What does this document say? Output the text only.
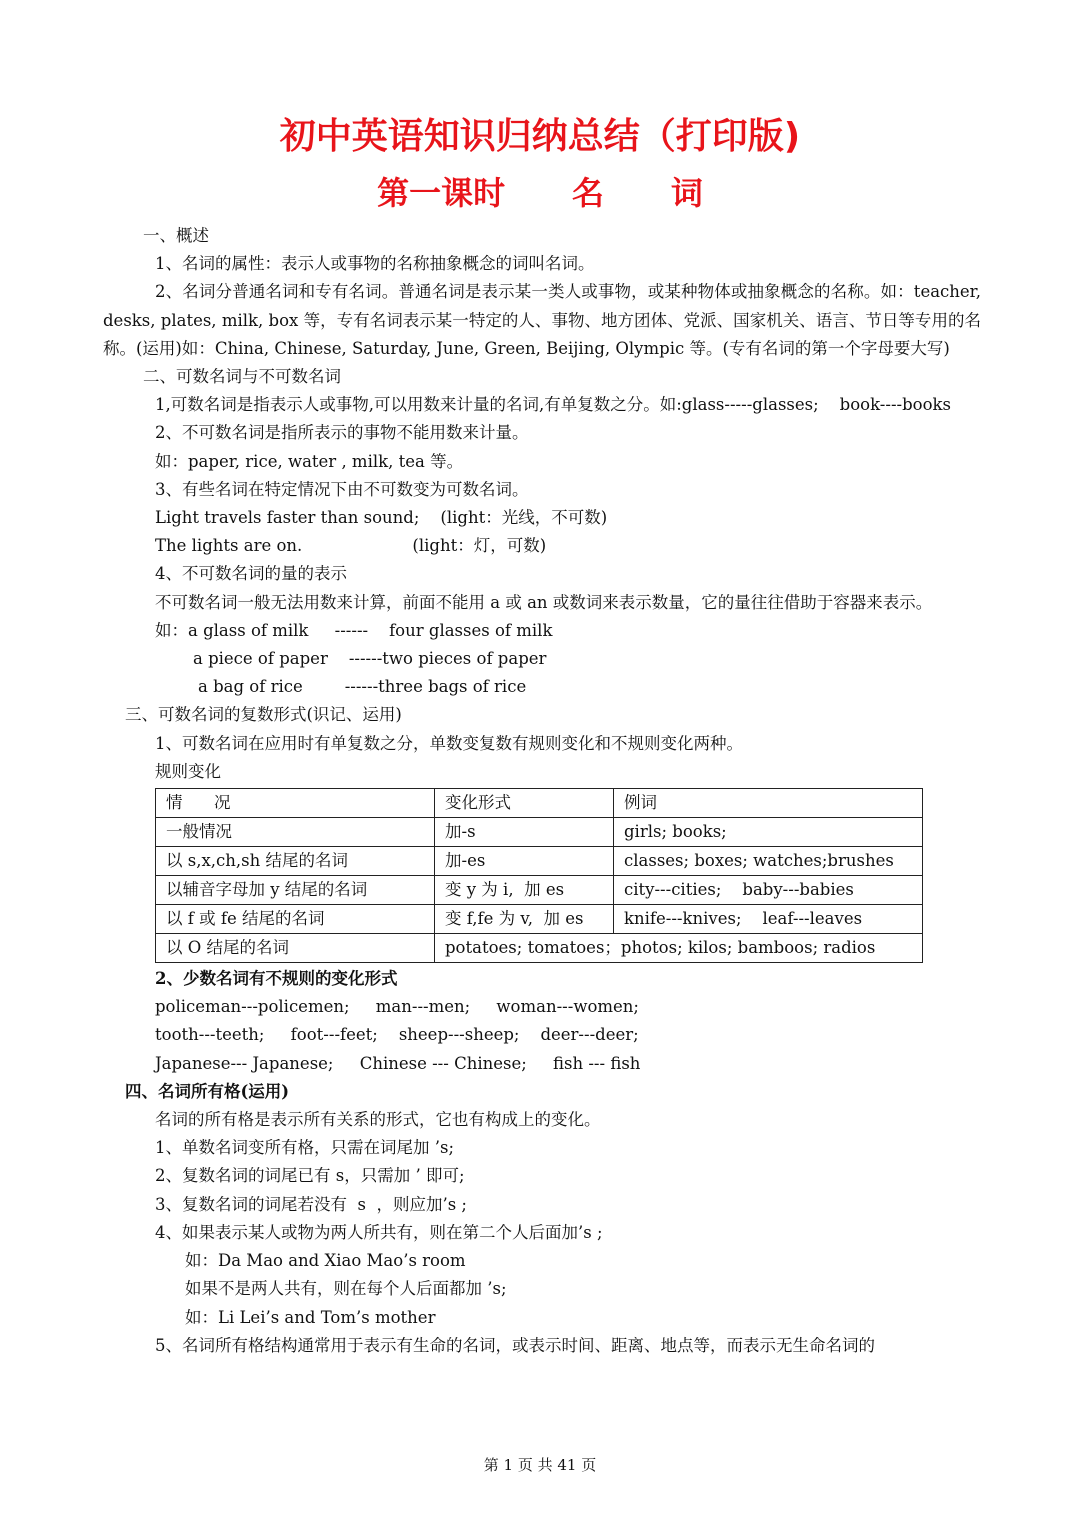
初中英语知识归纳总结（打印版)
第一课时      名      词

一、概述

1、名词的属性：表示人或事物的名称抽象概念的词叫名词。

2、名词分普通名词和专有名词。普通名词是表示某一类人或事物，或某种物体或抽象概念的名称。如：teacher, desks, plates, milk, box 等，专有名词表示某一特定的人、事物、地方团体、党派、国家机关、语言、节日等专用的名称。(运用)如：China, Chinese, Saturday, June, Green, Beijing, Olympic 等。(专有名词的第一个字母要大写)

二、可数名词与不可数名词

1,可数名词是指表示人或事物,可以用数来计量的名词,有单复数之分。如:glass-----glasses;    book----books

2、不可数名词是指所表示的事物不能用数来计量。

如：paper, rice, water , milk, tea 等。

3、有些名词在特定情况下由不可数变为可数名词。

Light travels faster than sound;    (light：光线，不可数)

The lights are on.                     (light：灯，可数)

4、不可数名词的量的表示

不可数名词一般无法用数来计算，前面不能用 a 或 an 或数词来表示数量，它的量往往借助于容器来表示。

如：a glass of milk     ------    four glasses of milk

a piece of paper    ------two pieces of paper

a bag of rice        ------three bags of rice

三、可数名词的复数形式(识记、运用)

1、可数名词在应用时有单复数之分，单数变复数有规则变化和不规则变化两种。

规则变化

情      况	变化形式	例词
一般情况	加-s	girls; books;
以 s,x,ch,sh 结尾的名词	加-es	classes; boxes; watches;brushes
以辅音字母加 y 结尾的名词	变 y 为 i,  加 es	city---cities;    baby---babies
以 f 或 fe 结尾的名词	变 f,fe 为 v,  加 es	knife---knives;    leaf---leaves
以 O 结尾的名词	potatoes; tomatoes；photos; kilos; bamboos; radios	

2、少数名词有不规则的变化形式

policeman---policemen;     man---men;     woman---women;

tooth---teeth;     foot---feet;    sheep---sheep;    deer---deer;

Japanese--- Japanese;     Chinese --- Chinese;     fish --- fish

四、名词所有格(运用)

名词的所有格是表示所有关系的形式，它也有构成上的变化。

1、单数名词变所有格，只需在词尾加 ’s;

2、复数名词的词尾已有 s，只需加 ’ 即可;

3、复数名词的词尾若没有  s  ，则应加’s ;

4、如果表示某人或物为两人所共有，则在第二个人后面加’s ;

如：Da Mao and Xiao Mao’s room

如果不是两人共有，则在每个人后面都加 ’s;

如：Li Lei’s and Tom’s mother

5、名词所有格结构通常用于表示有生命的名词，或表示时间、距离、地点等，而表示无生命名词的

第 1 页 共 41 页
